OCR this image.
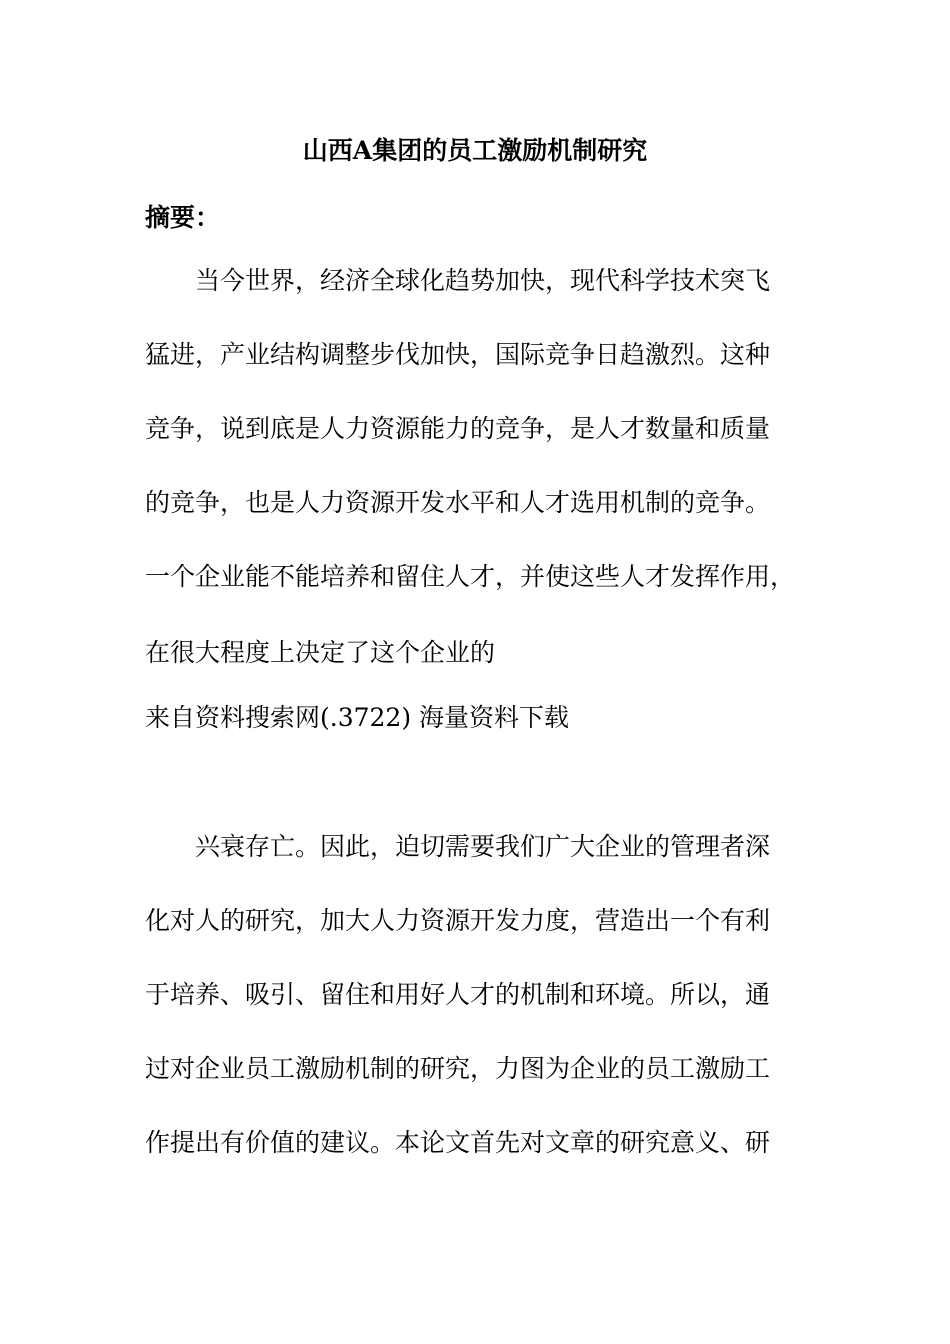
山西A集团的员工激励机制研究
摘要：

当今世界，经济全球化趋势加快，现代科学技术突飞

猛进，产业结构调整步伐加快，国际竞争日趋激烈。这种

竞争，说到底是人力资源能力的竞争，是人才数量和质量

的竞争，也是人力资源开发水平和人才选用机制的竞争。

一个企业能不能培养和留住人才，并使这些人才发挥作用，

在很大程度上决定了这个企业的

来自资料搜索网(.3722) 海量资料下载

兴衰存亡。因此，迫切需要我们广大企业的管理者深

化对人的研究，加大人力资源开发力度，营造出一个有利

于培养、吸引、留住和用好人才的机制和环境。所以，通

过对企业员工激励机制的研究，力图为企业的员工激励工

作提出有价值的建议。本论文首先对文章的研究意义、研
